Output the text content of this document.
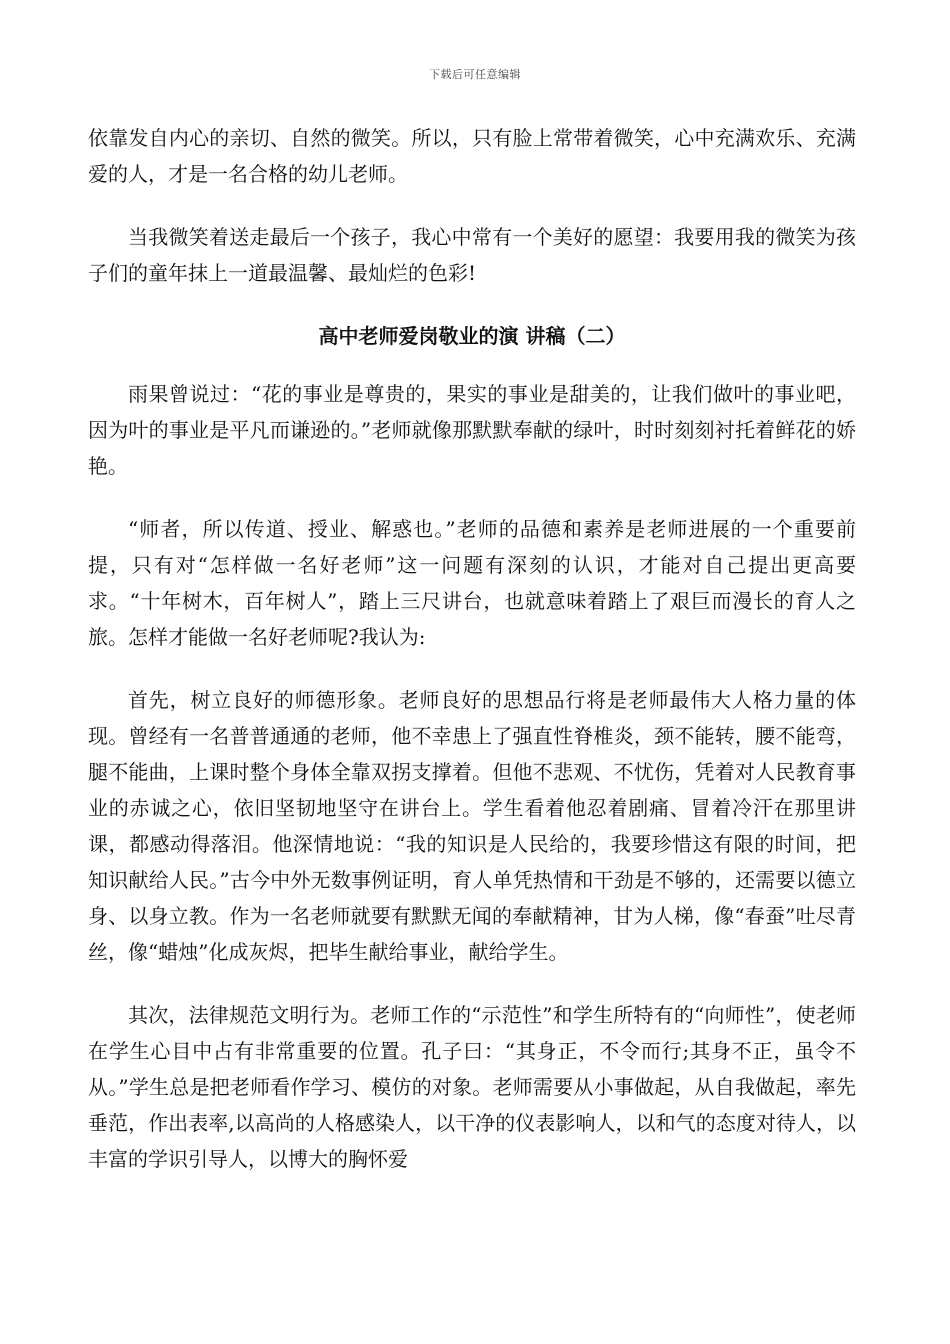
下载后可任意编辑

依靠发自内心的亲切、自然的微笑。所以，只有脸上常带着微笑，心中充满欢乐、充满爱的人，才是一名合格的幼儿老师。

当我微笑着送走最后一个孩子，我心中常有一个美好的愿望：我要用我的微笑为孩子们的童年抹上一道最温馨、最灿烂的色彩!

高中老师爱岗敬业的演 讲稿（二）

雨果曾说过：“花的事业是尊贵的，果实的事业是甜美的，让我们做叶的事业吧，因为叶的事业是平凡而谦逊的。”老师就像那默默奉献的绿叶，时时刻刻衬托着鲜花的娇艳。

“师者，所以传道、授业、解惑也。”老师的品德和素养是老师进展的一个重要前提，只有对“怎样做一名好老师”这一问题有深刻的认识，才能对自己提出更高要求。“十年树木，百年树人”，踏上三尺讲台，也就意味着踏上了艰巨而漫长的育人之旅。怎样才能做一名好老师呢?我认为:

首先，树立良好的师德形象。老师良好的思想品行将是老师最伟大人格力量的体现。曾经有一名普普通通的老师，他不幸患上了强直性脊椎炎，颈不能转，腰不能弯，腿不能曲，上课时整个身体全靠双拐支撑着。但他不悲观、不忧伤，凭着对人民教育事业的赤诚之心，依旧坚韧地坚守在讲台上。学生看着他忍着剧痛、冒着冷汗在那里讲课，都感动得落泪。他深情地说：“我的知识是人民给的，我要珍惜这有限的时间，把知识献给人民。”古今中外无数事例证明，育人单凭热情和干劲是不够的，还需要以德立身、以身立教。作为一名老师就要有默默无闻的奉献精神，甘为人梯，像“春蚕”吐尽青丝，像“蜡烛”化成灰烬，把毕生献给事业，献给学生。

其次，法律规范文明行为。老师工作的“示范性”和学生所特有的“向师性”，使老师在学生心目中占有非常重要的位置。孔子曰：“其身正，不令而行;其身不正，虽令不从。”学生总是把老师看作学习、模仿的对象。老师需要从小事做起，从自我做起，率先垂范，作出表率,以高尚的人格感染人，以干净的仪表影响人，以和气的态度对待人，以丰富的学识引导人，以博大的胸怀爱
